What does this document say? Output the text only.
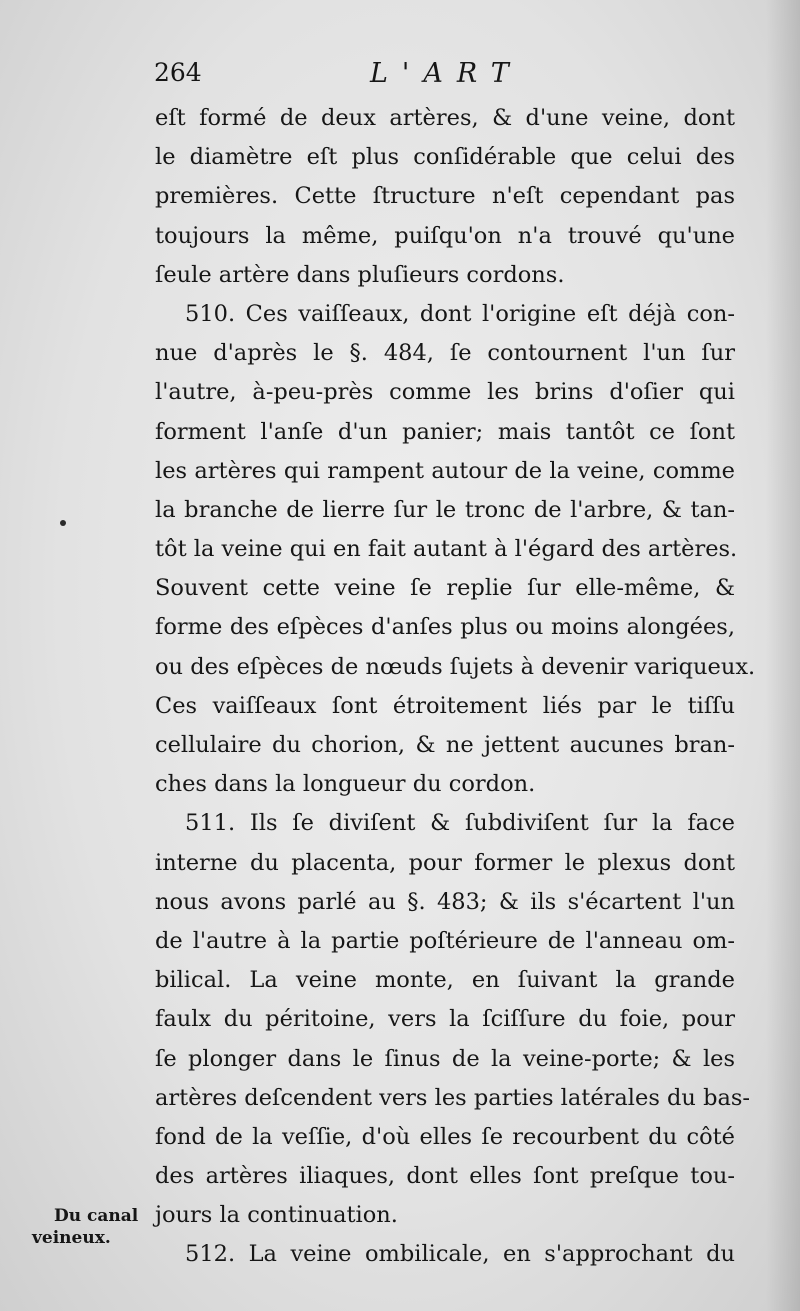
264	L'ART
eſt formé de deux artères, & d'une veine, dont
le diamètre eſt plus conſidérable que celui des
premières. Cette ſtructure n'eſt cependant pas
toujours la même, puiſqu'on n'a trouvé qu'une
ſeule artère dans pluſieurs cordons.
510. Ces vaiſſeaux, dont l'origine eſt déjà con-
nue d'après le §. 484, ſe contournent l'un ſur
l'autre, à-peu-près comme les brins d'oſier qui
forment l'anſe d'un panier; mais tantôt ce ſont
les artères qui rampent autour de la veine, comme
la branche de lierre ſur le tronc de l'arbre, & tan-
tôt la veine qui en fait autant à l'égard des artères.
Souvent cette veine ſe replie ſur elle-même, &
forme des eſpèces d'anſes plus ou moins alongées,
ou des eſpèces de nœuds ſujets à devenir variqueux.
Ces vaiſſeaux ſont étroitement liés par le tiſſu
cellulaire du chorion, & ne jettent aucunes bran-
ches dans la longueur du cordon.
511. Ils ſe diviſent & ſubdiviſent ſur la face
interne du placenta, pour former le plexus dont
nous avons parlé au §. 483; & ils s'écartent l'un
de l'autre à la partie poſtérieure de l'anneau om-
bilical. La veine monte, en ſuivant la grande
faulx du péritoine, vers la ſciſſure du foie, pour
ſe plonger dans le ſinus de la veine-porte; & les
artères deſcendent vers les parties latérales du bas-
fond de la veſſie, d'où elles ſe recourbent du côté
des artères iliaques, dont elles ſont preſque tou-
jours la continuation.
512. La veine ombilicale, en s'approchant du
Du canal
veineux.
